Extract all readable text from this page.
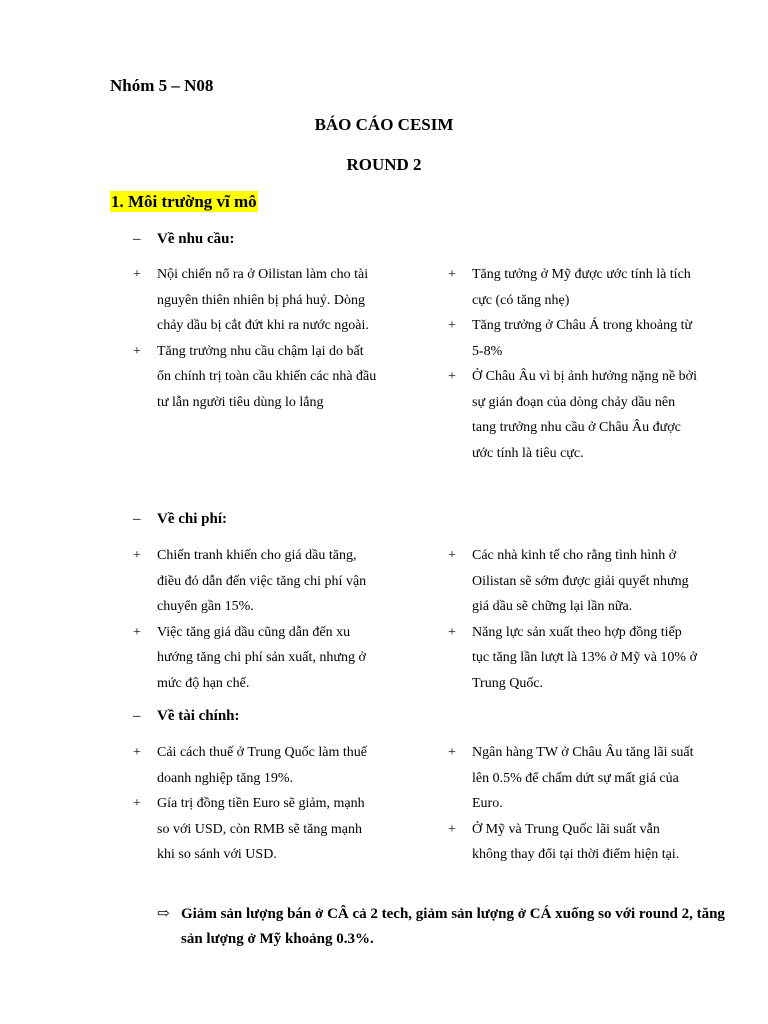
Nhóm 5 – N08
BÁO CÁO CESIM
ROUND 2
1. Môi trường vĩ mô
– Về nhu cầu:
+	Nội chiến nổ ra ở Oilistan làm cho tài nguyên thiên nhiên bị phá huỷ. Dòng chảy dầu bị cắt đứt khi ra nước ngoài.
+	Tăng trưởng nhu cầu chậm lại do bất ổn chính trị toàn cầu khiến các nhà đầu tư lẫn người tiêu dùng lo lắng
+	Tăng tưởng ở Mỹ được ước tính là tích cực (có tăng nhẹ)
+	Tăng trưởng ở Châu Á trong khoảng từ 5-8%
+	Ở Châu Âu vì bị ảnh hưởng nặng nề bởi sự gián đoạn của dòng chảy dầu nên tang trưởng nhu cầu ở Châu Âu được ước tính là tiêu cực.
– Về chi phí:
+	Chiến tranh khiến cho giá dầu tăng, điều đó dẫn đến việc tăng chi phí vận chuyển gần 15%.
+	Việc tăng giá dầu cũng dẫn đến xu hướng tăng chi phí sản xuất, nhưng ở mức độ hạn chế.
+	Các nhà kinh tế cho rằng tình hình ở Oilistan sẽ sớm được giải quyết nhưng giá dầu sẽ chững lại lần nữa.
+	Năng lực sản xuất theo hợp đồng tiếp tục tăng lần lượt là 13% ở Mỹ và 10% ở Trung Quốc.
– Về tài chính:
+	Cải cách thuế ở Trung Quốc làm thuế doanh nghiệp tăng 19%.
+	Gía trị đồng tiền Euro sẽ giảm, mạnh so với USD, còn RMB sẽ tăng mạnh khi so sánh với USD.
+	Ngân hàng TW ở Châu Âu tăng lãi suất lên 0.5% để chấm dứt sự mất giá của Euro.
+	Ở Mỹ và Trung Quốc lãi suất vẫn không thay đổi tại thời điểm hiện tại.
⇨ Giảm sản lượng bán ở CÂ cả 2 tech, giảm sản lượng ở CÁ xuống so với round 2, tăng sản lượng ở Mỹ khoảng 0.3%.
